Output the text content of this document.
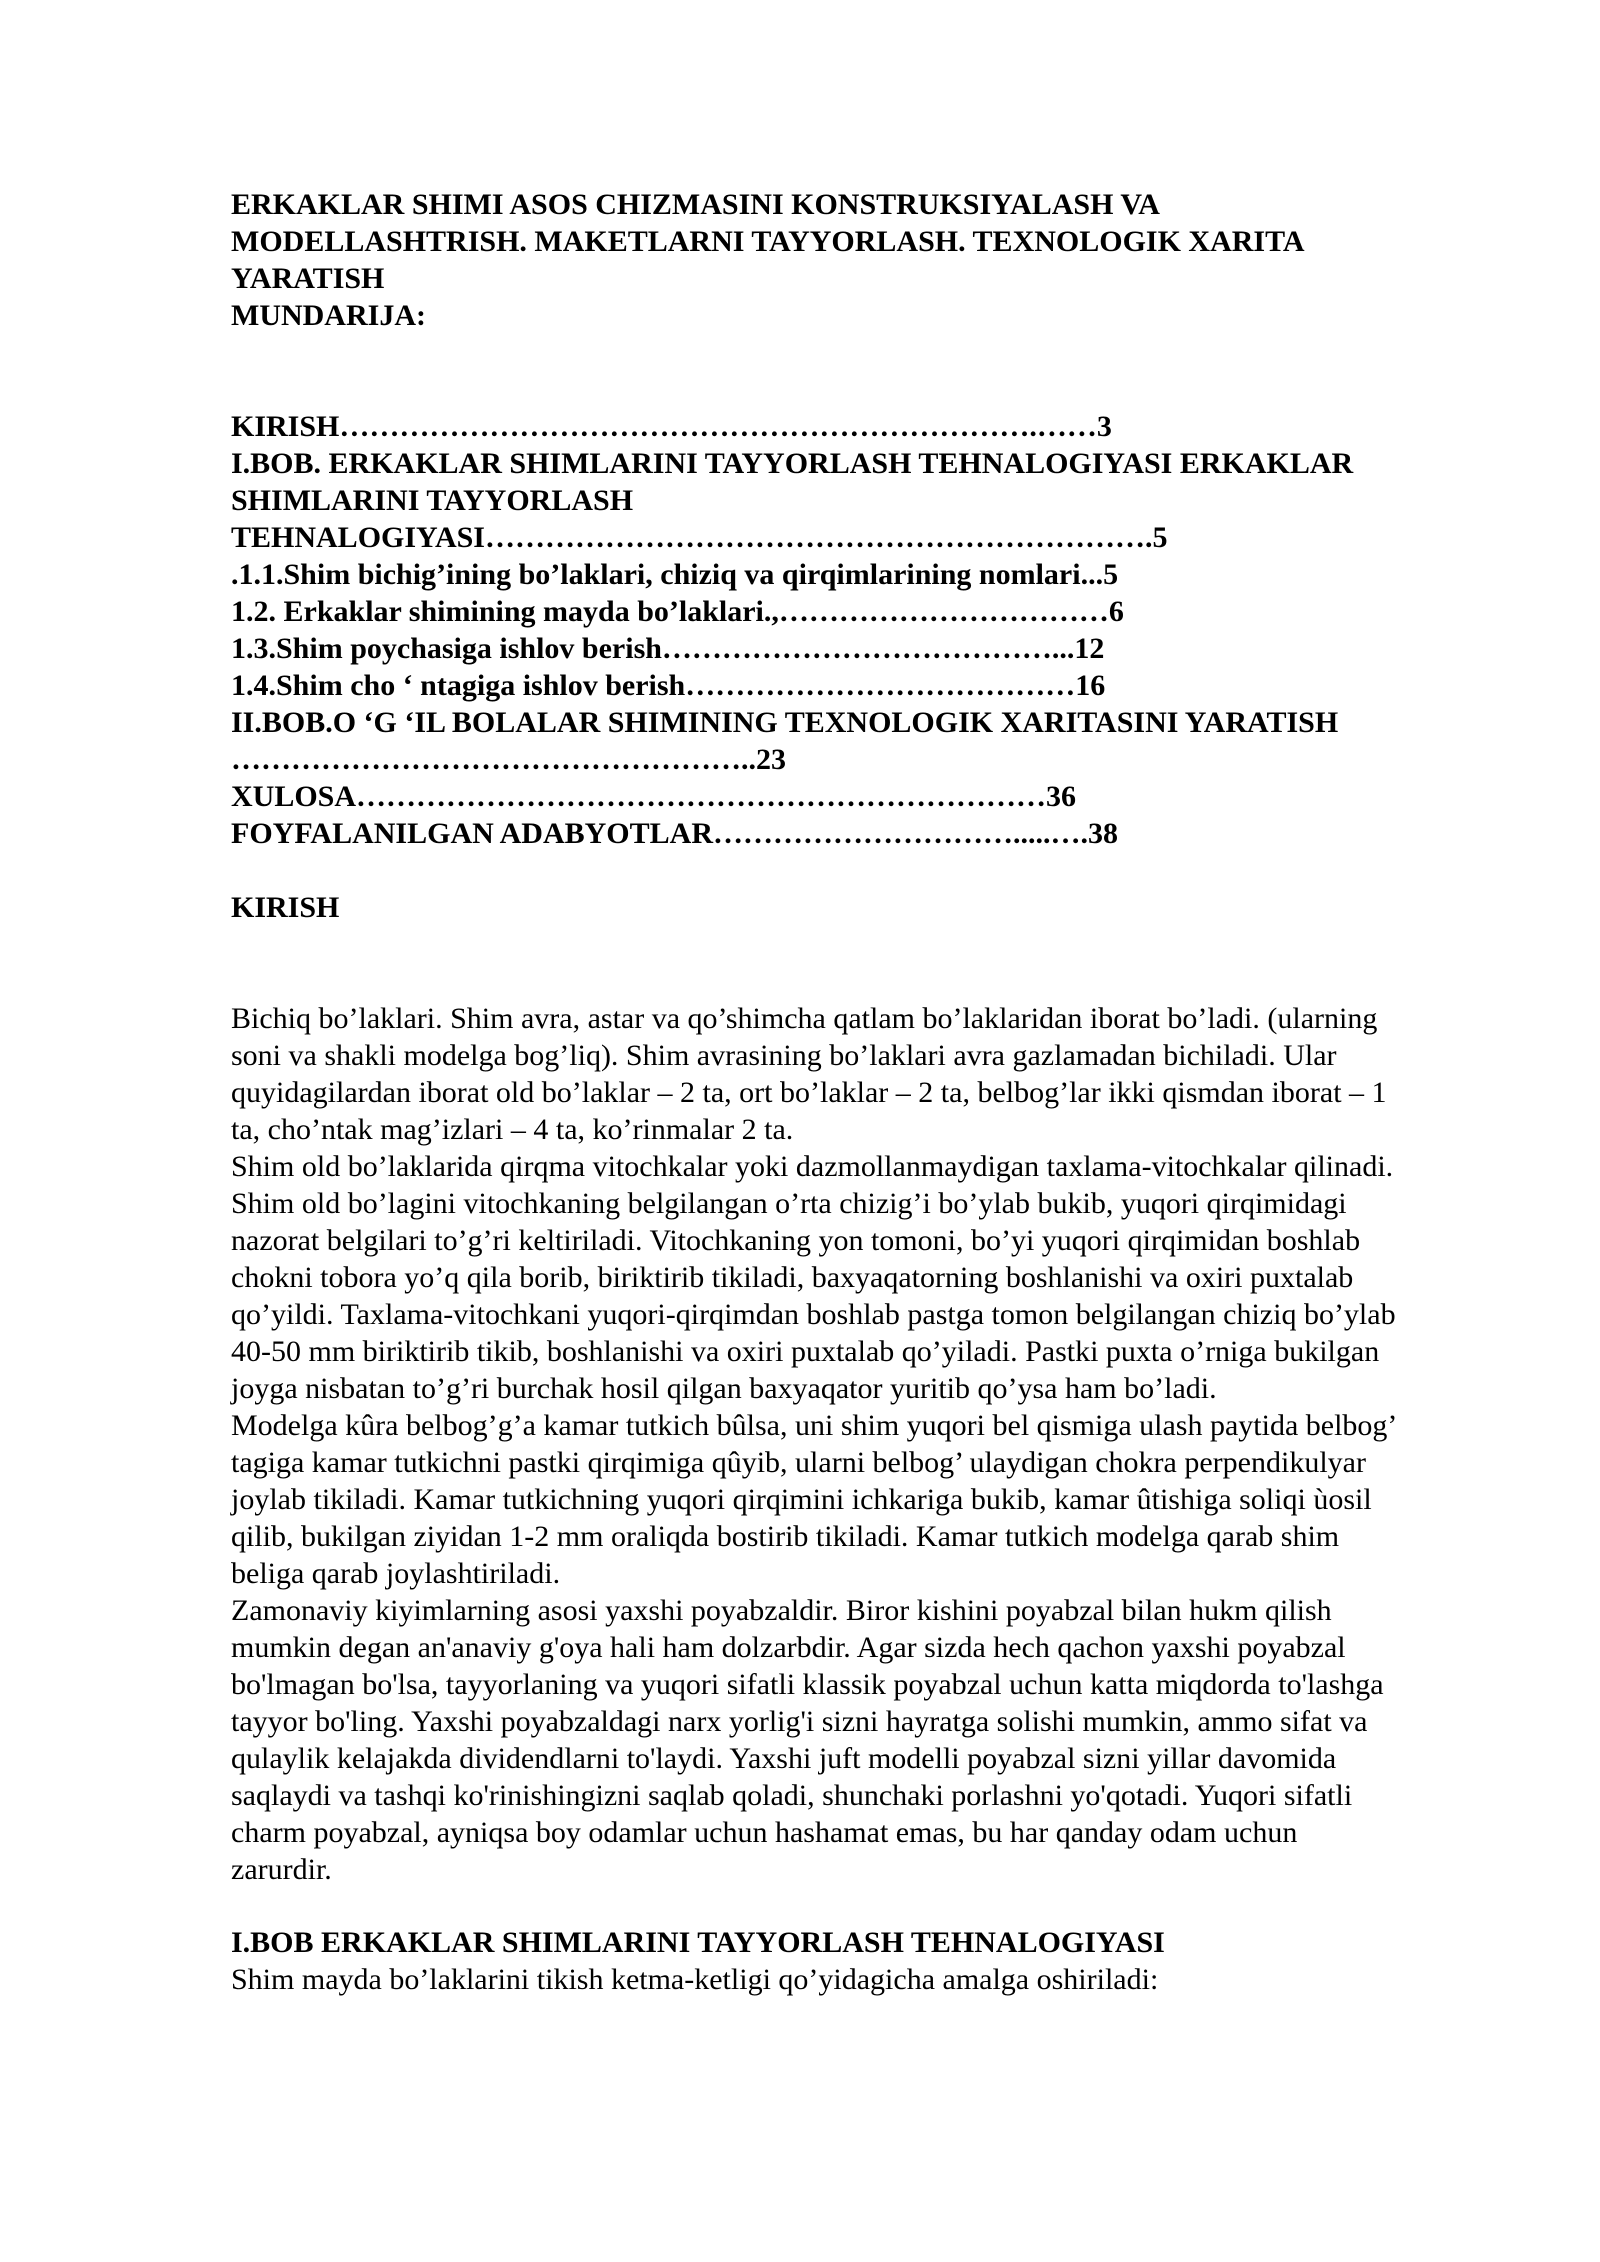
ERKAKLAR SHIMI ASOS CHIZMASINI KONSTRUKSIYALASH VA
MODELLASHTRISH. MAKETLARNI TAYYORLASH. TEXNOLOGIK XARITA
YARATISH
MUNDARIJA:
KIRISH…………………………………………………………….……3
I.BOB. ERKAKLAR SHIMLARINI TAYYORLASH TEHNALOGIYASI ERKAKLAR
SHIMLARINI TAYYORLASH
TEHNALOGIYASI………………………………………………………….5
.1.1.Shim bichig’ining bo’laklari, chiziq va qirqimlarining nomlari...5
1.2. Erkaklar shimining mayda bo’laklari.,……………………………6
1.3.Shim poychasiga ishlov berish…………………………………...12
1.4.Shim cho ‘ ntagiga ishlov berish…………………………………16
II.BOB.O ‘G ‘IL BOLALAR SHIMINING TEXNOLOGIK XARITASINI YARATISH
……………………………………………..23
XULOSA……………………………………………………………36
FOYFALANILGAN ADABYOTLAR………………………….....….38
KIRISH

Bichiq bo’laklari. Shim avra, astar va qo’shimcha qatlam bo’laklaridan iborat bo’ladi. (ularning
soni va shakli modelga bog’liq). Shim avrasining bo’laklari avra gazlamadan bichiladi. Ular
quyidagilardan iborat old bo’laklar – 2 ta, ort bo’laklar – 2 ta, belbog’lar ikki qismdan iborat – 1
ta, cho’ntak mag’izlari – 4 ta, ko’rinmalar 2 ta.

Shim old bo’laklarida qirqma vitochkalar yoki dazmollanmaydigan taxlama-vitochkalar qilinadi.
Shim old bo’lagini vitochkaning belgilangan o’rta chizig’i bo’ylab bukib, yuqori qirqimidagi
nazorat belgilari to’g’ri keltiriladi. Vitochkaning yon tomoni, bo’yi yuqori qirqimidan boshlab
chokni tobora yo’q qila borib, biriktirib tikiladi, baxyaqatorning boshlanishi va oxiri puxtalab
qo’yildi. Taxlama-vitochkani yuqori-qirqimdan boshlab pastga tomon belgilangan chiziq bo’ylab
40-50 mm biriktirib tikib, boshlanishi va oxiri puxtalab qo’yiladi. Pastki puxta o’rniga bukilgan
joyga nisbatan to’g’ri burchak hosil qilgan baxyaqator yuritib qo’ysa ham bo’ladi.

Modelga kûra belbog’g’a kamar tutkich bûlsa, uni shim yuqori bel qismiga ulash paytida belbog’
tagiga kamar tutkichni pastki qirqimiga qûyib, ularni belbog’ ulaydigan chokra perpendikulyar
joylab tikiladi. Kamar tutkichning yuqori qirqimini ichkariga bukib, kamar ûtishiga soliqi ùosil
qilib, bukilgan ziyidan 1-2 mm oraliqda bostirib tikiladi. Kamar tutkich modelga qarab shim
beliga qarab joylashtiriladi.

Zamonaviy kiyimlarning asosi yaxshi poyabzaldir. Biror kishini poyabzal bilan hukm qilish
mumkin degan an'anaviy g'oya hali ham dolzarbdir. Agar sizda hech qachon yaxshi poyabzal
bo'lmagan bo'lsa, tayyorlaning va yuqori sifatli klassik poyabzal uchun katta miqdorda to'lashga
tayyor bo'ling. Yaxshi poyabzaldagi narx yorlig'i sizni hayratga solishi mumkin, ammo sifat va
qulaylik kelajakda dividendlarni to'laydi. Yaxshi juft modelli poyabzal sizni yillar davomida
saqlaydi va tashqi ko'rinishingizni saqlab qoladi, shunchaki porlashni yo'qotadi. Yuqori sifatli
charm poyabzal, ayniqsa boy odamlar uchun hashamat emas, bu har qanday odam uchun
zarurdir.

I.BOB ERKAKLAR SHIMLARINI TAYYORLASH TEHNALOGIYASI
Shim mayda bo’laklarini tikish ketma-ketligi qo’yidagicha amalga oshiriladi:
